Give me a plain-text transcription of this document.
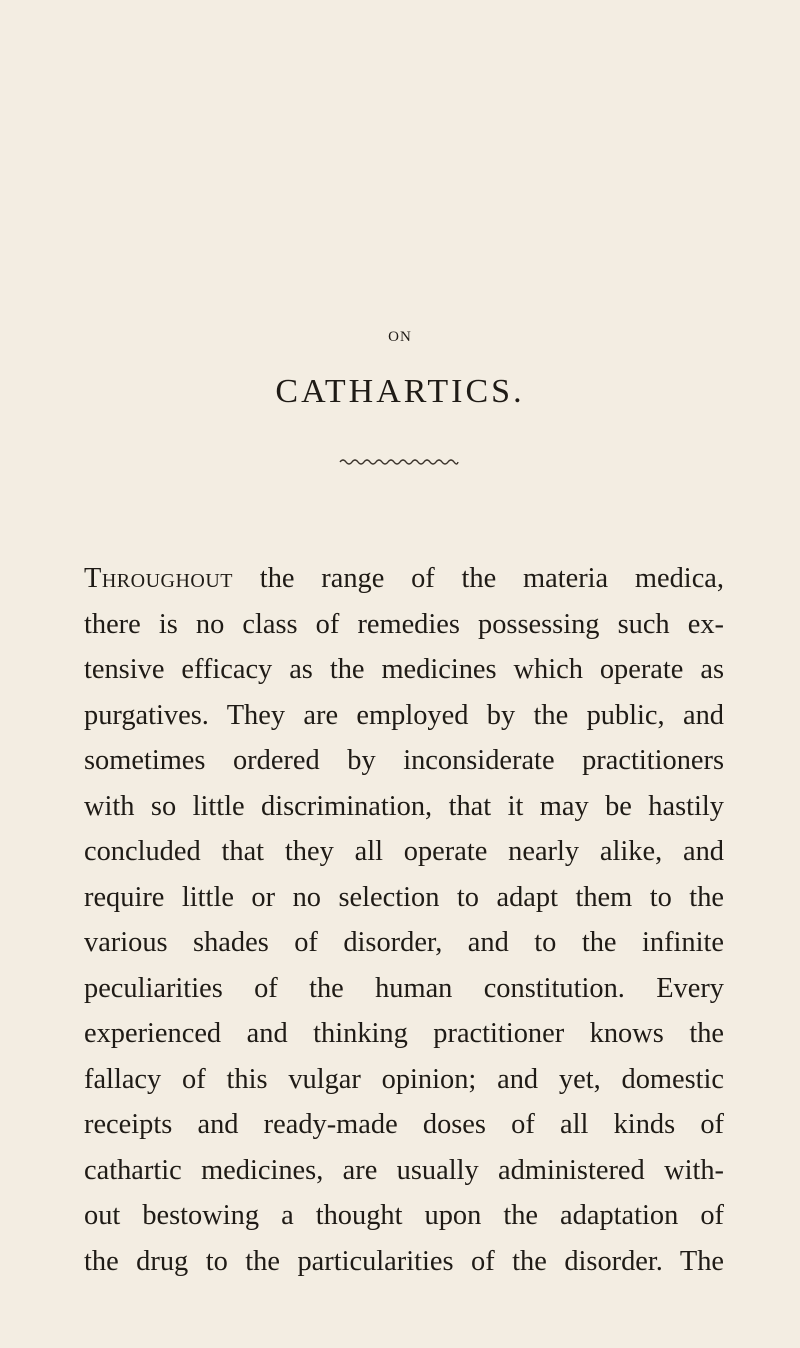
ON
CATHARTICS.
Throughout the range of the materia medica,
there is no class of remedies possessing such ex-
tensive efficacy as the medicines which operate as
purgatives. They are employed by the public, and
sometimes ordered by inconsiderate practitioners
with so little discrimination, that it may be hastily
concluded that they all operate nearly alike, and
require little or no selection to adapt them to the
various shades of disorder, and to the infinite
peculiarities of the human constitution. Every
experienced and thinking practitioner knows the
fallacy of this vulgar opinion; and yet, domestic
receipts and ready-made doses of all kinds of
cathartic medicines, are usually administered with-
out bestowing a thought upon the adaptation of
the drug to the particularities of the disorder. The
